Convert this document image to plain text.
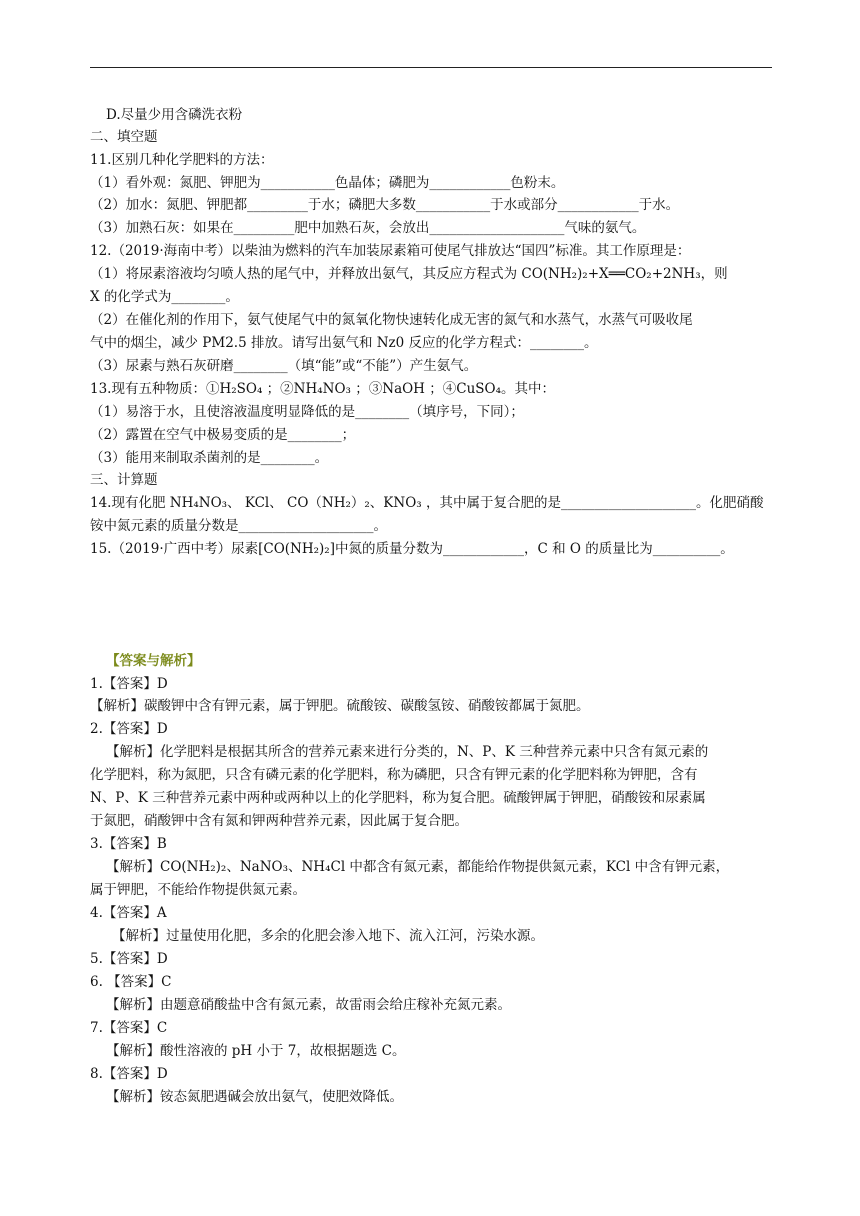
D.尽量少用含磷洗衣粉
二、填空题
11.区别几种化学肥料的方法：
（1）看外观：氮肥、钾肥为___________色晶体；磷肥为____________色粉末。
（2）加水：氮肥、钾肥都_________于水；磷肥大多数___________于水或部分____________于水。
（3）加熟石灰：如果在_________肥中加熟石灰，会放出____________________气味的氨气。
12.（2019·海南中考）以柴油为燃料的汽车加装尿素箱可使尾气排放达“国四”标准。其工作原理是：
（1）将尿素溶液均匀喷人热的尾气中，并释放出氨气，其反应方程式为 CO(NH₂)₂+X══CO₂+2NH₃，则
X 的化学式为________。
（2）在催化剂的作用下，氨气使尾气中的氮氧化物快速转化成无害的氮气和水蒸气，水蒸气可吸收尾
气中的烟尘，减少 PM2.5 排放。请写出氨气和 Nz0 反应的化学方程式：________。
（3）尿素与熟石灰研磨________（填“能”或“不能”）产生氨气。
13.现有五种物质：①H₂SO₄ ；②NH₄NO₃ ；③NaOH ；④CuSO₄。其中：
（1）易溶于水，且使溶液温度明显降低的是________（填序号，下同）；
（2）露置在空气中极易变质的是________；
（3）能用来制取杀菌剂的是________。
三、计算题
14.现有化肥 NH₄NO₃、 KCl、 CO（NH₂）₂、KNO₃ ，其中属于复合肥的是____________________。化肥硝酸
铵中氮元素的质量分数是____________________。
15.（2019·广西中考）尿素[CO(NH₂)₂]中氮的质量分数为____________，C 和 O 的质量比为__________。
【答案与解析】
1.【答案】D
【解析】碳酸钾中含有钾元素，属于钾肥。硫酸铵、碳酸氢铵、硝酸铵都属于氮肥。
2.【答案】D
【解析】化学肥料是根据其所含的营养元素来进行分类的，N、P、K 三种营养元素中只含有氮元素的
化学肥料，称为氮肥，只含有磷元素的化学肥料，称为磷肥，只含有钾元素的化学肥料称为钾肥，含有
N、P、K 三种营养元素中两种或两种以上的化学肥料，称为复合肥。硫酸钾属于钾肥，硝酸铵和尿素属
于氮肥，硝酸钾中含有氮和钾两种营养元素，因此属于复合肥。
3.【答案】B
【解析】CO(NH₂)₂、NaNO₃、NH₄Cl 中都含有氮元素，都能给作物提供氮元素，KCl 中含有钾元素，
属于钾肥，不能给作物提供氮元素。
4.【答案】A
【解析】过量使用化肥，多余的化肥会渗入地下、流入江河，污染水源。
5.【答案】D
6. 【答案】C
【解析】由题意硝酸盐中含有氮元素，故雷雨会给庄稼补充氮元素。
7.【答案】C
【解析】酸性溶液的 pH 小于 7，故根据题选 C。
8.【答案】D
【解析】铵态氮肥遇碱会放出氨气，使肥效降低。
